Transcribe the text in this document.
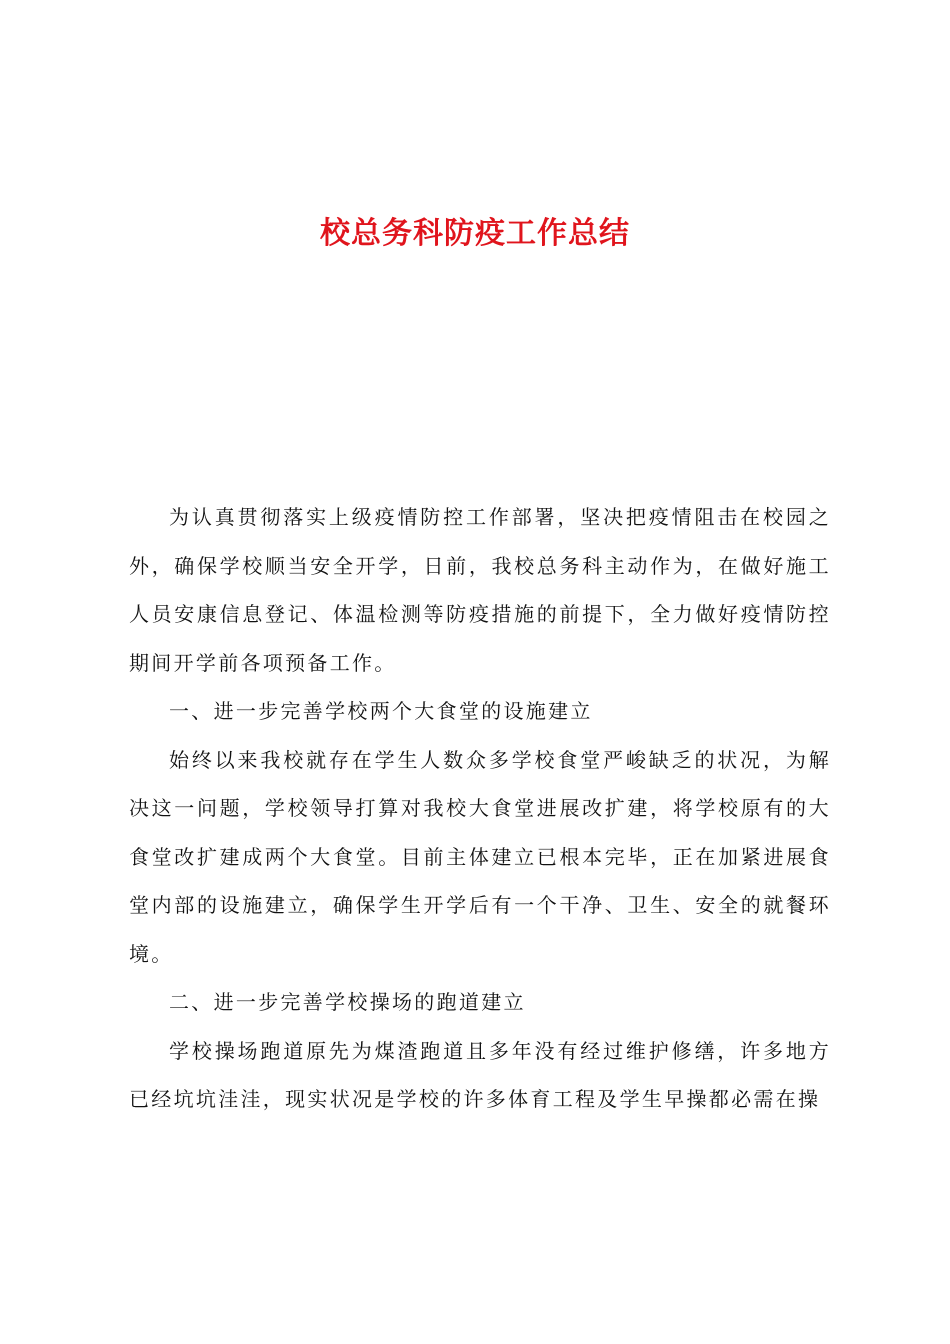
校总务科防疫工作总结

为认真贯彻落实上级疫情防控工作部署，坚决把疫情阻击在校园之外，确保学校顺当安全开学，日前，我校总务科主动作为，在做好施工人员安康信息登记、体温检测等防疫措施的前提下，全力做好疫情防控期间开学前各项预备工作。

一、进一步完善学校两个大食堂的设施建立

始终以来我校就存在学生人数众多学校食堂严峻缺乏的状况，为解决这一问题，学校领导打算对我校大食堂进展改扩建，将学校原有的大食堂改扩建成两个大食堂。目前主体建立已根本完毕，正在加紧进展食堂内部的设施建立，确保学生开学后有一个干净、卫生、安全的就餐环境。

二、进一步完善学校操场的跑道建立

学校操场跑道原先为煤渣跑道且多年没有经过维护修缮，许多地方已经坑坑洼洼，现实状况是学校的许多体育工程及学生早操都必需在操
